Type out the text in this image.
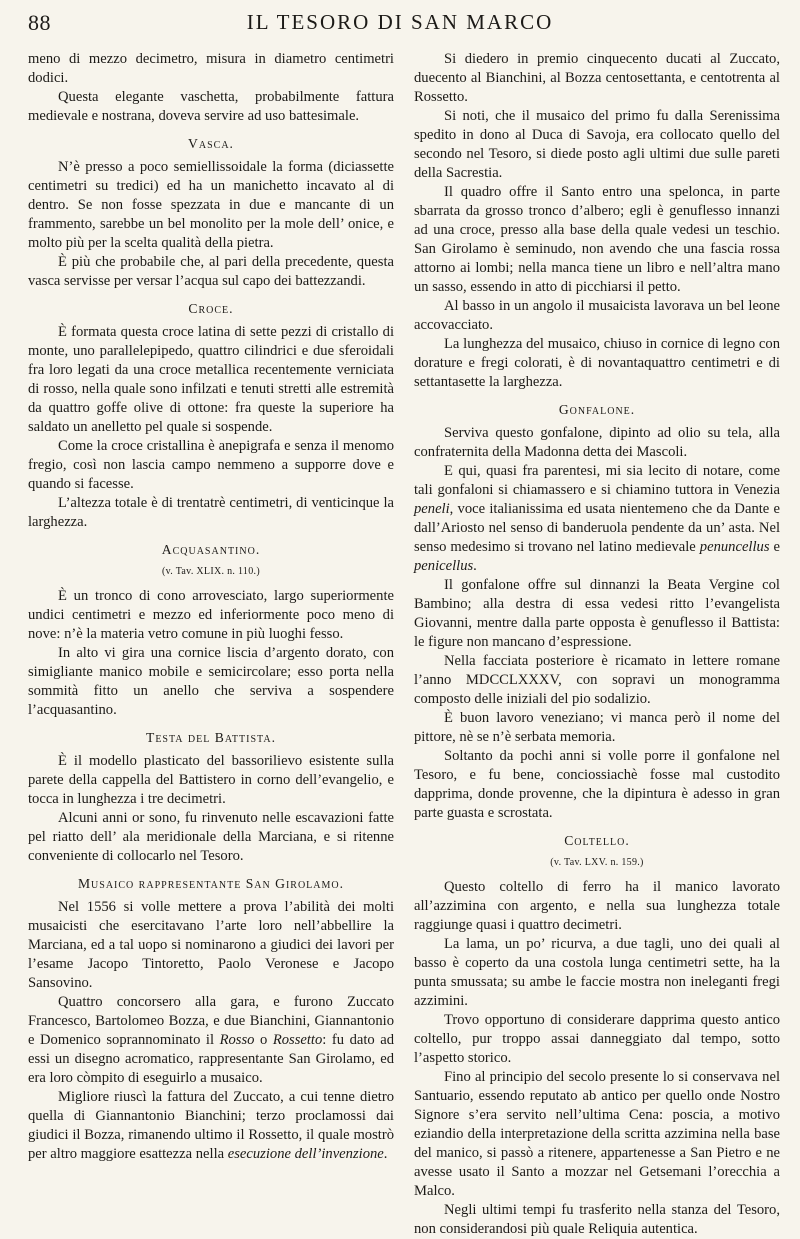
88	IL TESORO DI SAN MARCO

meno di mezzo decimetro, misura in diametro centimetri dodici.

Questa elegante vaschetta, probabilmente fattura medievale e nostrana, doveva servire ad uso battesimale.

Vasca.

N’è presso a poco semiellissoidale la forma (diciassette centimetri su tredici) ed ha un manichetto incavato al di dentro. Se non fosse spezzata in due e mancante di un frammento, sarebbe un bel monolito per la mole dell’ onice, e molto più per la scelta qualità della pietra.

È più che probabile che, al pari della precedente, questa vasca servisse per versar l’acqua sul capo dei battezzandi.

Croce.

È formata questa croce latina di sette pezzi di cristallo di monte, uno parallelepipedo, quattro cilindrici e due sferoidali fra loro legati da una croce metallica recentemente verniciata di rosso, nella quale sono infilzati e tenuti stretti alle estremità da quattro goffe olive di ottone: fra queste la superiore ha saldato un anelletto pel quale si sospende.

Come la croce cristallina è anepigrafa e senza il menomo fregio, così non lascia campo nemmeno a supporre dove e quando si facesse.

L’altezza totale è di trentatrè centimetri, di venticinque la larghezza.

Acquasantino.
(v. Tav. XLIX. n. 110.)

È un tronco di cono arrovesciato, largo superiormente undici centimetri e mezzo ed inferiormente poco meno di nove: n’è la materia vetro comune in più luoghi fesso.

In alto vi gira una cornice liscia d’argento dorato, con simigliante manico mobile e semicircolare; esso porta nella sommità fitto un anello che serviva a sospendere l’acquasantino.

Testa del Battista.

È il modello plasticato del bassorilievo esistente sulla parete della cappella del Battistero in corno dell’evangelio, e tocca in lunghezza i tre decimetri.

Alcuni anni or sono, fu rinvenuto nelle escavazioni fatte pel riatto dell’ ala meridionale della Marciana, e si ritenne conveniente di collocarlo nel Tesoro.

Musaico rappresentante San Girolamo.

Nel 1556 si volle mettere a prova l’abilità dei molti musaicisti che esercitavano l’arte loro nell’abbellire la Marciana, ed a tal uopo si nominarono a giudici dei lavori per l’esame Jacopo Tintoretto, Paolo Veronese e Jacopo Sansovino.

Quattro concorsero alla gara, e furono Zuccato Francesco, Bartolomeo Bozza, e due Bianchini, Giannantonio e Domenico soprannominato il Rosso o Rossetto: fu dato ad essi un disegno acromatico, rappresentante San Girolamo, ed era loro còmpito di eseguirlo a musaico.

Migliore riuscì la fattura del Zuccato, a cui tenne dietro quella di Giannantonio Bianchini; terzo proclamossi dai giudici il Bozza, rimanendo ultimo il Rossetto, il quale mostrò per altro maggiore esattezza nella esecuzione dell’invenzione.

Si diedero in premio cinquecento ducati al Zuccato, duecento al Bianchini, al Bozza centosettanta, e centotrenta al Rossetto.

Si noti, che il musaico del primo fu dalla Serenissima spedito in dono al Duca di Savoja, era collocato quello del secondo nel Tesoro, si diede posto agli ultimi due sulle pareti della Sacrestia.

Il quadro offre il Santo entro una spelonca, in parte sbarrata da grosso tronco d’albero; egli è genuflesso innanzi ad una croce, presso alla base della quale vedesi un teschio. San Girolamo è seminudo, non avendo che una fascia rossa attorno ai lombi; nella manca tiene un libro e nell’altra mano un sasso, essendo in atto di picchiarsi il petto.

Al basso in un angolo il musaicista lavorava un bel leone accovacciato.

La lunghezza del musaico, chiuso in cornice di legno con dorature e fregi colorati, è di novantaquattro centimetri e di settantasette la larghezza.

Gonfalone.

Serviva questo gonfalone, dipinto ad olio su tela, alla confraternita della Madonna detta dei Mascoli.

E qui, quasi fra parentesi, mi sia lecito di notare, come tali gonfaloni si chiamassero e si chiamino tuttora in Venezia peneli, voce italianissima ed usata nientemeno che da Dante e dall’Ariosto nel senso di banderuola pendente da un’ asta. Nel senso medesimo si trovano nel latino medievale penuncellus e penicellus.

Il gonfalone offre sul dinnanzi la Beata Vergine col Bambino; alla destra di essa vedesi ritto l’evangelista Giovanni, mentre dalla parte opposta è genuflesso il Battista: le figure non mancano d’espressione.

Nella facciata posteriore è ricamato in lettere romane l’anno MDCCLXXXV, con sopravi un monogramma composto delle iniziali del pio sodalizio.

È buon lavoro veneziano; vi manca però il nome del pittore, nè se n’è serbata memoria.

Soltanto da pochi anni si volle porre il gonfalone nel Tesoro, e fu bene, conciossiachè fosse mal custodito dapprima, donde provenne, che la dipintura è adesso in gran parte guasta e scrostata.

Coltello.
(v. Tav. LXV. n. 159.)

Questo coltello di ferro ha il manico lavorato all’azzimina con argento, e nella sua lunghezza totale raggiunge quasi i quattro decimetri.

La lama, un po’ ricurva, a due tagli, uno dei quali al basso è coperto da una costola lunga centimetri sette, ha la punta smussata; su ambe le faccie mostra non ineleganti fregi azzimini.

Trovo opportuno di considerare dapprima questo antico coltello, pur troppo assai danneggiato dal tempo, sotto l’aspetto storico.

Fino al principio del secolo presente lo si conservava nel Santuario, essendo reputato ab antico per quello onde Nostro Signore s’era servito nell’ultima Cena: poscia, a motivo eziandio della interpretazione della scritta azzimina nella base del manico, si passò a ritenere, appartenesse a San Pietro e ne avesse usato il Santo a mozzar nel Getsemani l’orecchia a Malco.

Negli ultimi tempi fu trasferito nella stanza del Tesoro, non considerandosi più quale Reliquia autentica.
